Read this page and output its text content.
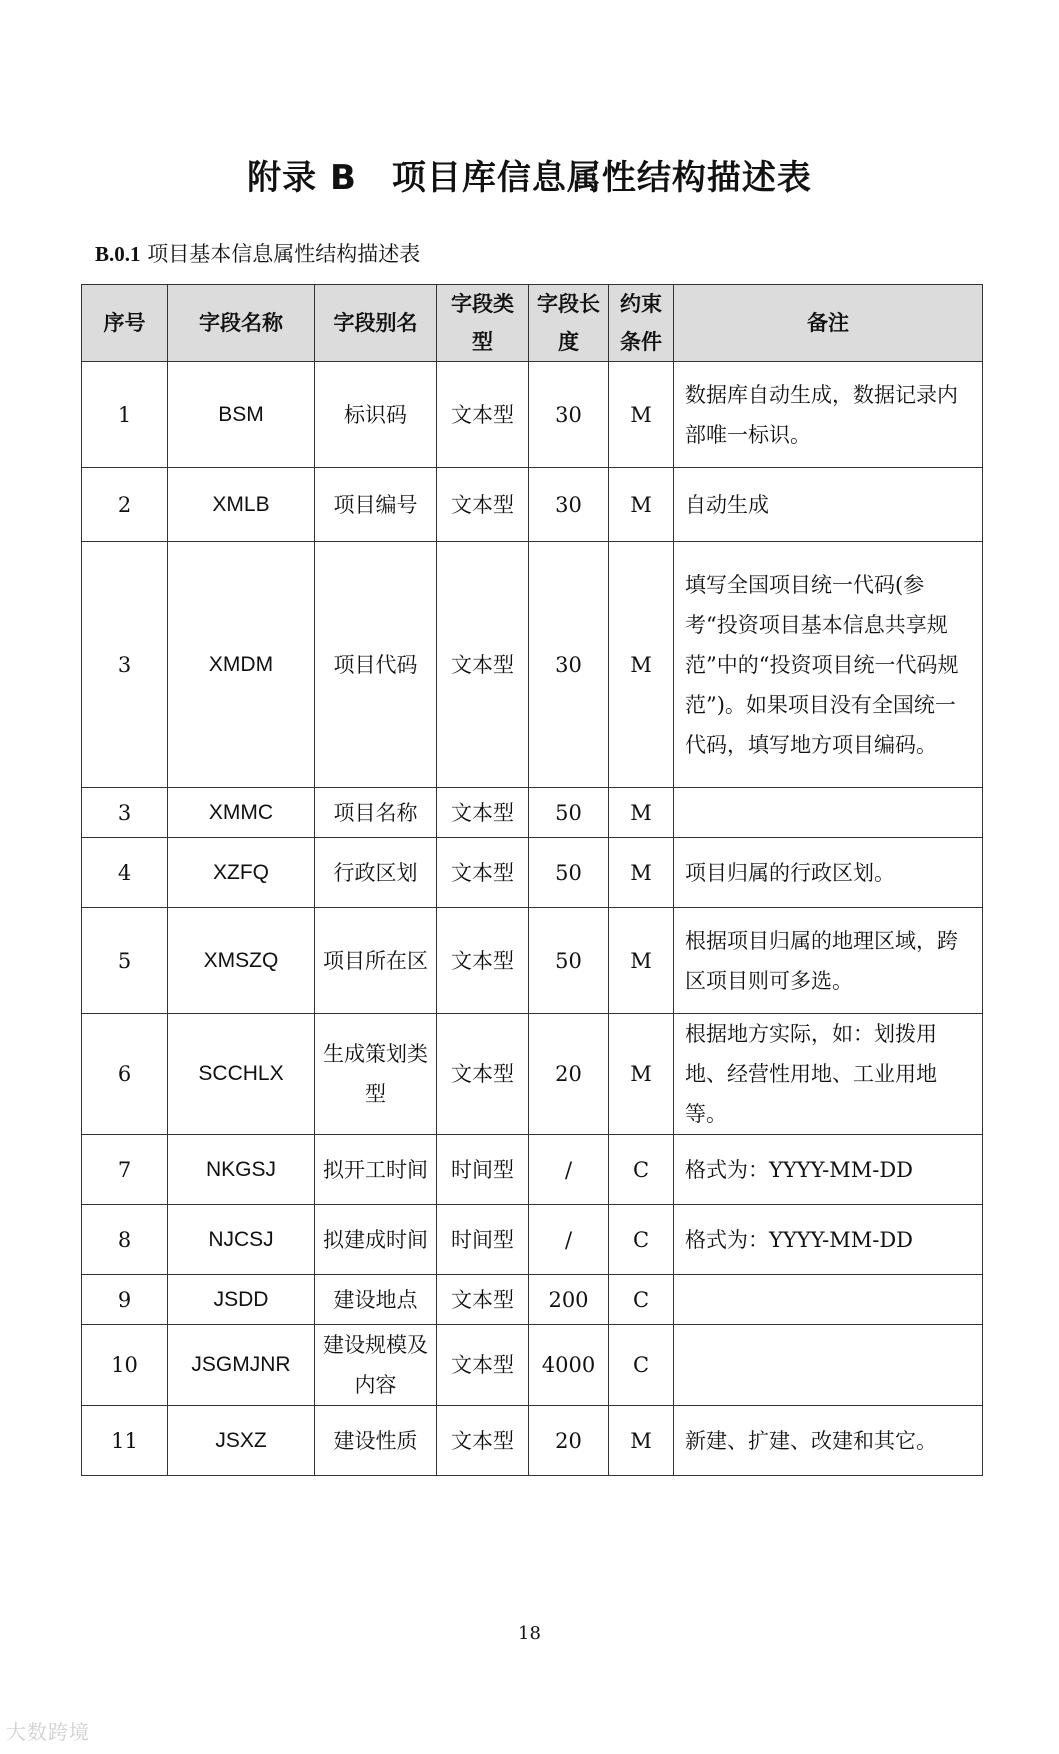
附录 B　项目库信息属性结构描述表
B.0.1 项目基本信息属性结构描述表
序号	字段名称	字段别名	字段类型	字段长度	约束条件	备注
1	BSM	标识码	文本型	30	M	数据库自动生成，数据记录内部唯一标识。
2	XMLB	项目编号	文本型	30	M	自动生成
3	XMDM	项目代码	文本型	30	M	填写全国项目统一代码(参考“投资项目基本信息共享规范”中的“投资项目统一代码规范”)。如果项目没有全国统一代码，填写地方项目编码。
3	XMMC	项目名称	文本型	50	M	
4	XZFQ	行政区划	文本型	50	M	项目归属的行政区划。
5	XMSZQ	项目所在区	文本型	50	M	根据项目归属的地理区域，跨区项目则可多选。
6	SCCHLX	生成策划类型	文本型	20	M	根据地方实际，如：划拨用地、经营性用地、工业用地等。
7	NKGSJ	拟开工时间	时间型	/	C	格式为：YYYY-MM-DD
8	NJCSJ	拟建成时间	时间型	/	C	格式为：YYYY-MM-DD
9	JSDD	建设地点	文本型	200	C	
10	JSGMJNR	建设规模及内容	文本型	4000	C	
11	JSXZ	建设性质	文本型	20	M	新建、扩建、改建和其它。
18
大数跨境
